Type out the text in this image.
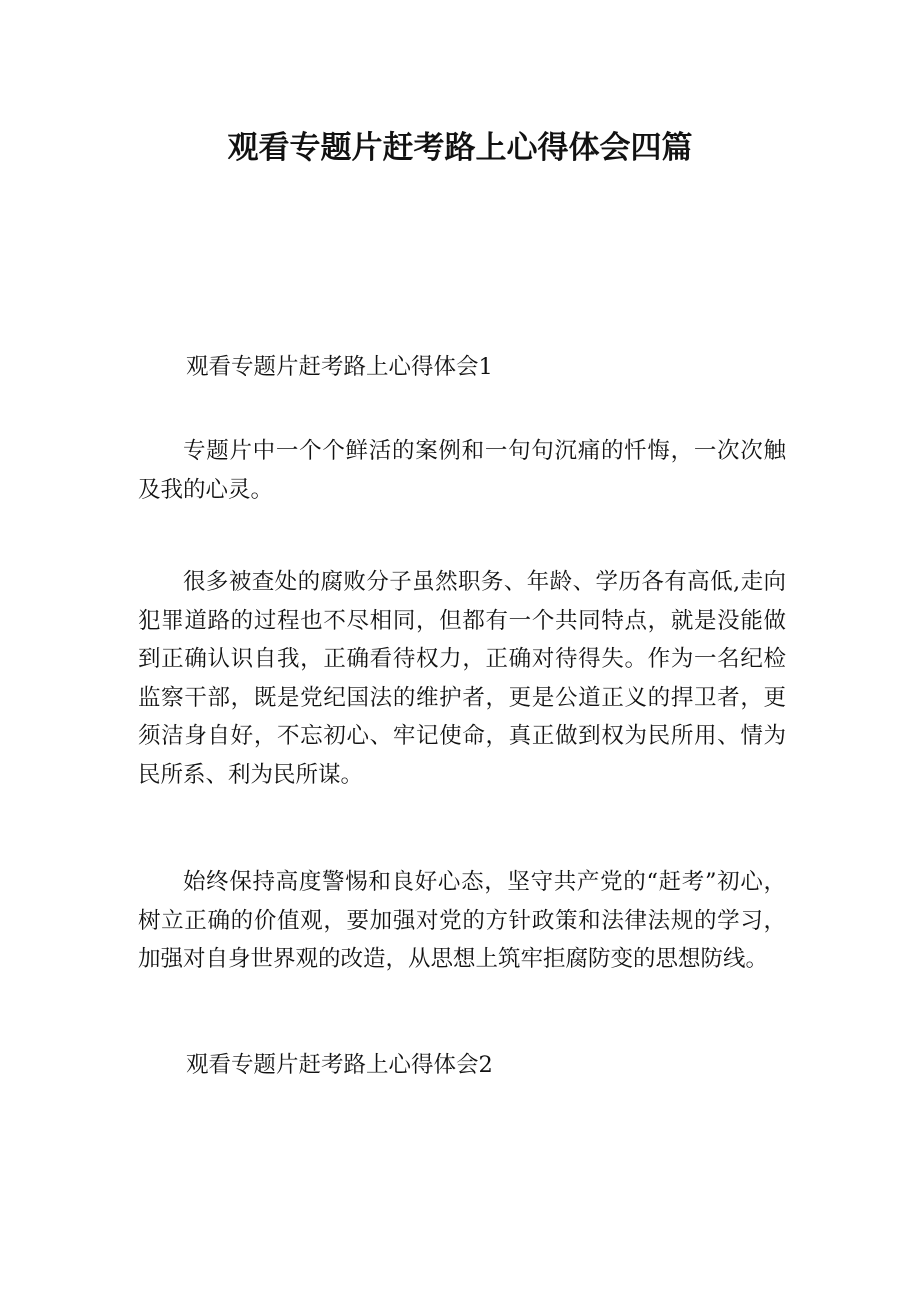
观看专题片赶考路上心得体会四篇

观看专题片赶考路上心得体会1

专题片中一个个鲜活的案例和一句句沉痛的忏悔，一次次触及我的心灵。

很多被查处的腐败分子虽然职务、年龄、学历各有高低,走向犯罪道路的过程也不尽相同，但都有一个共同特点，就是没能做到正确认识自我，正确看待权力，正确对待得失。作为一名纪检监察干部，既是党纪国法的维护者，更是公道正义的捍卫者，更须洁身自好，不忘初心、牢记使命，真正做到权为民所用、情为民所系、利为民所谋。

始终保持高度警惕和良好心态，坚守共产党的“赶考”初心，树立正确的价值观，要加强对党的方针政策和法律法规的学习，加强对自身世界观的改造，从思想上筑牢拒腐防变的思想防线。

观看专题片赶考路上心得体会2
